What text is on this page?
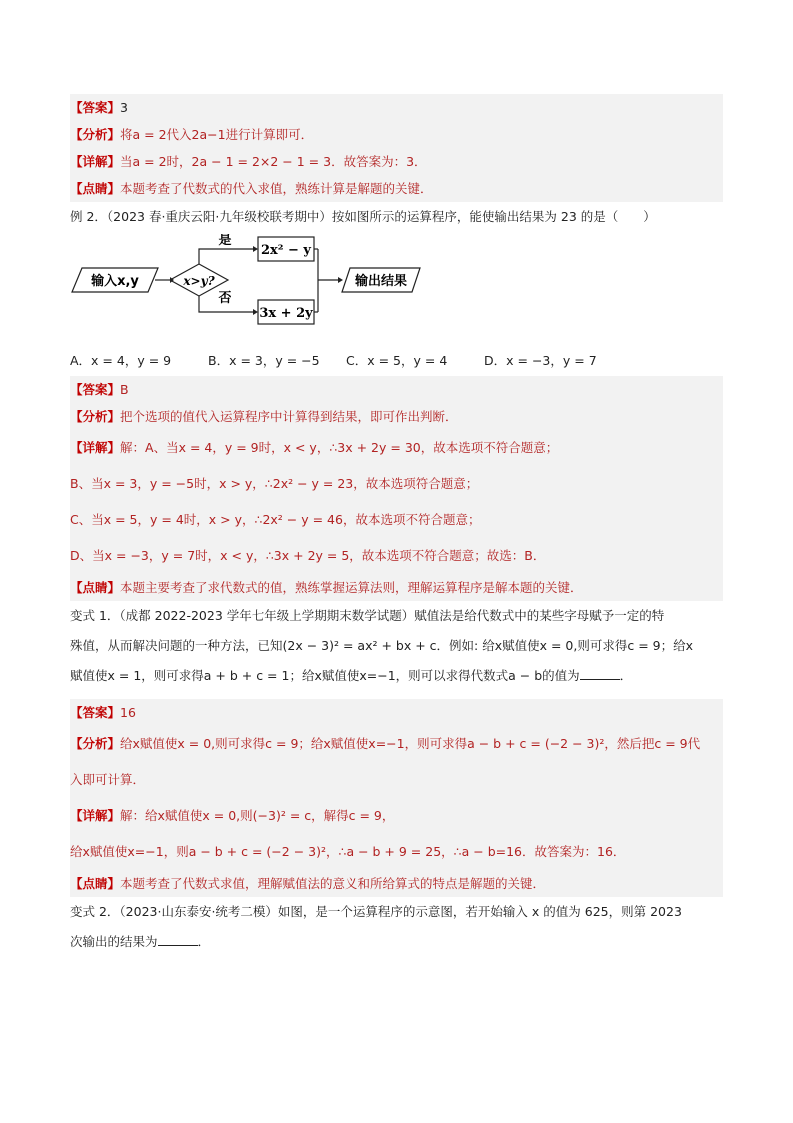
【答案】3
【分析】将a = 2代入2a−1进行计算即可．
【详解】当a = 2时，2a − 1 = 2×2 − 1 = 3．故答案为：3．
【点睛】本题考查了代数式的代入求值，熟练计算是解题的关键．
例 2．（2023 春·重庆云阳·九年级校联考期中）按如图所示的运算程序，能使输出结果为 23 的是（　　）
输入x,y	x>y?
是
否
2x² − y
3x + 2y
输出结果
A．x = 4，y = 9	B．x = 3，y = −5	C．x = 5，y = 4	D．x = −3，y = 7
【答案】B
【分析】把个选项的值代入运算程序中计算得到结果，即可作出判断．
【详解】解：A、当x = 4，y = 9时，x < y，∴3x + 2y = 30，故本选项不符合题意；
B、当x = 3，y = −5时，x > y，∴2x² − y = 23，故本选项符合题意；
C、当x = 5，y = 4时，x > y，∴2x² − y = 46，故本选项不符合题意；
D、当x = −3，y = 7时，x < y，∴3x + 2y = 5，故本选项不符合题意；故选：B．
【点睛】本题主要考查了求代数式的值，熟练掌握运算法则，理解运算程序是解本题的关键．
变式 1．（成都 2022-2023 学年七年级上学期期末数学试题）赋值法是给代数式中的某些字母赋予一定的特
殊值，从而解决问题的一种方法，已知(2x − 3)² = ax² + bx + c．例如: 给x赋值使x = 0,则可求得c = 9；给x
赋值使x = 1，则可求得a + b + c = 1；给x赋值使x=−1，则可以求得代数式a − b的值为	．
【答案】16
【分析】给x赋值使x = 0,则可求得c = 9；给x赋值使x=−1，则可求得a − b + c = (−2 − 3)²，然后把c = 9代
入即可计算．
【详解】解：给x赋值使x = 0,则(−3)² = c，解得c = 9，
给x赋值使x=−1，则a − b + c = (−2 − 3)²，∴a − b + 9 = 25，∴a − b=16．故答案为：16．
【点睛】本题考查了代数式求值，理解赋值法的意义和所给算式的特点是解题的关键．
变式 2．（2023·山东泰安·统考二模）如图，是一个运算程序的示意图，若开始输入 x 的值为 625，则第 2023
次输出的结果为	．
